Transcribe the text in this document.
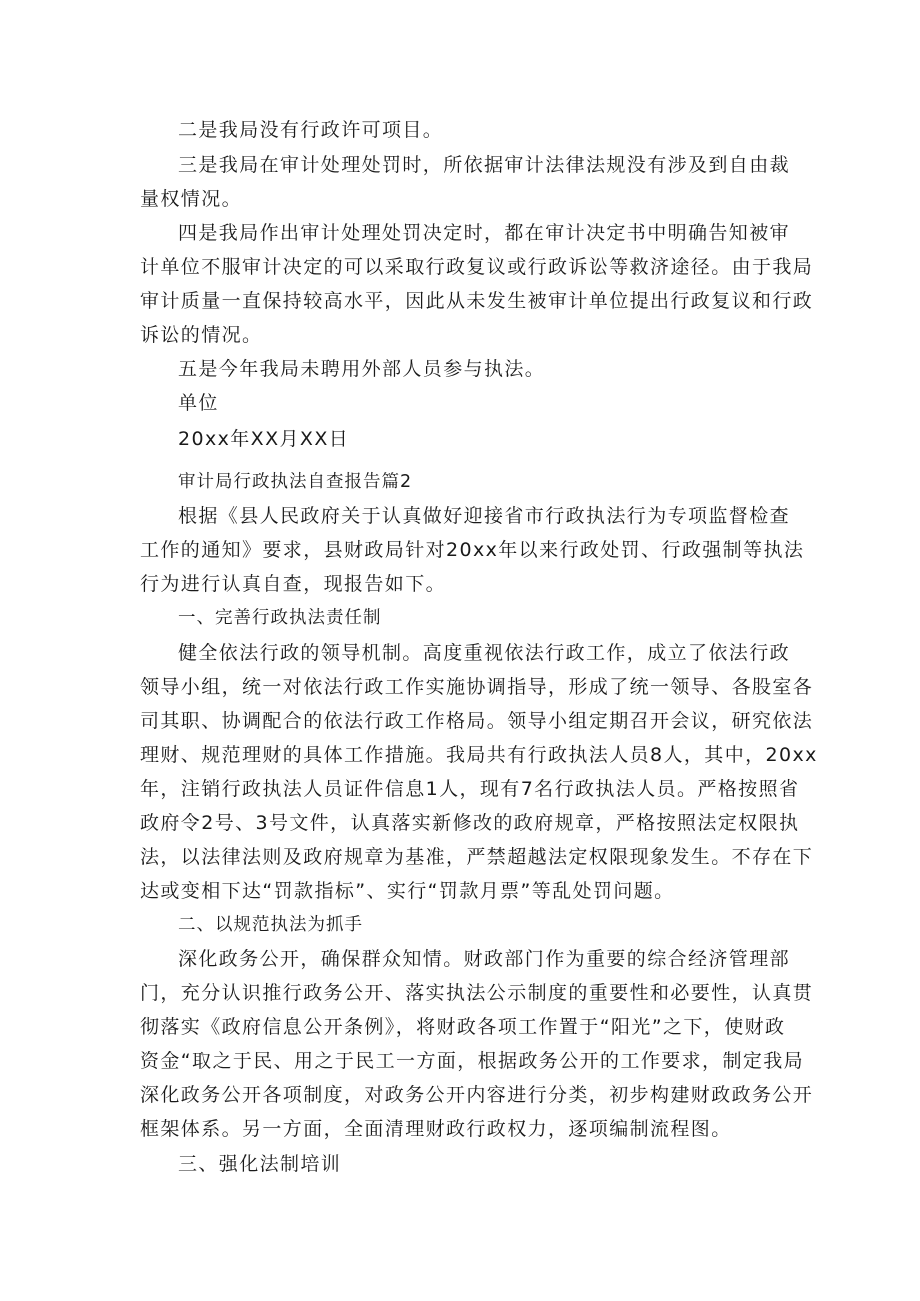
二是我局没有行政许可项目。

三是我局在审计处理处罚时，所依据审计法律法规没有涉及到自由裁

量权情况。

四是我局作出审计处理处罚决定时，都在审计决定书中明确告知被审

计单位不服审计决定的可以采取行政复议或行政诉讼等救济途径。由于我局

审计质量一直保持较高水平，因此从未发生被审计单位提出行政复议和行政

诉讼的情况。

五是今年我局未聘用外部人员参与执法。

单位

20xx年XX月XX日

审计局行政执法自查报告篇2

根据《县人民政府关于认真做好迎接省市行政执法行为专项监督检查

工作的通知》要求，县财政局针对20xx年以来行政处罚、行政强制等执法

行为进行认真自查，现报告如下。

一、完善行政执法责任制

健全依法行政的领导机制。高度重视依法行政工作，成立了依法行政

领导小组，统一对依法行政工作实施协调指导，形成了统一领导、各股室各

司其职、协调配合的依法行政工作格局。领导小组定期召开会议，研究依法

理财、规范理财的具体工作措施。我局共有行政执法人员8人，其中，20xx

年，注销行政执法人员证件信息1人，现有7名行政执法人员。严格按照省

政府令2号、3号文件，认真落实新修改的政府规章，严格按照法定权限执

法，以法律法则及政府规章为基准，严禁超越法定权限现象发生。不存在下

达或变相下达“罚款指标”、实行“罚款月票”等乱处罚问题。

二、以规范执法为抓手

深化政务公开，确保群众知情。财政部门作为重要的综合经济管理部

门，充分认识推行政务公开、落实执法公示制度的重要性和必要性，认真贯

彻落实《政府信息公开条例》，将财政各项工作置于“阳光”之下，使财政

资金“取之于民、用之于民工一方面，根据政务公开的工作要求，制定我局

深化政务公开各项制度，对政务公开内容进行分类，初步构建财政政务公开

框架体系。另一方面，全面清理财政行政权力，逐项编制流程图。

三、强化法制培训
